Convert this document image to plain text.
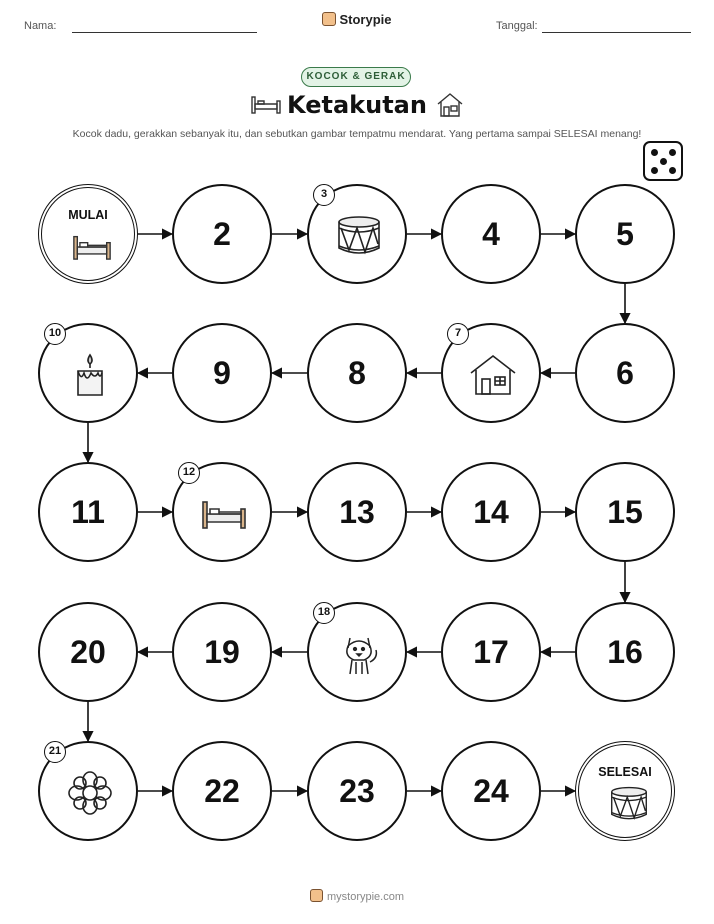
Nama:	Storypie	Tanggal:
KOCOK & GERAK
Ketakutan
Kocok dadu, gerakkan sebanyak itu, dan sebutkan gambar tempatmu mendarat. Yang pertama sampai SELESAI menang!
MULAI
2
3
4	5
6
7
8
9
10
11
12
13	14	15
16
17
18
19
20
21
22	23	24
SELESAI
mystorypie.com
